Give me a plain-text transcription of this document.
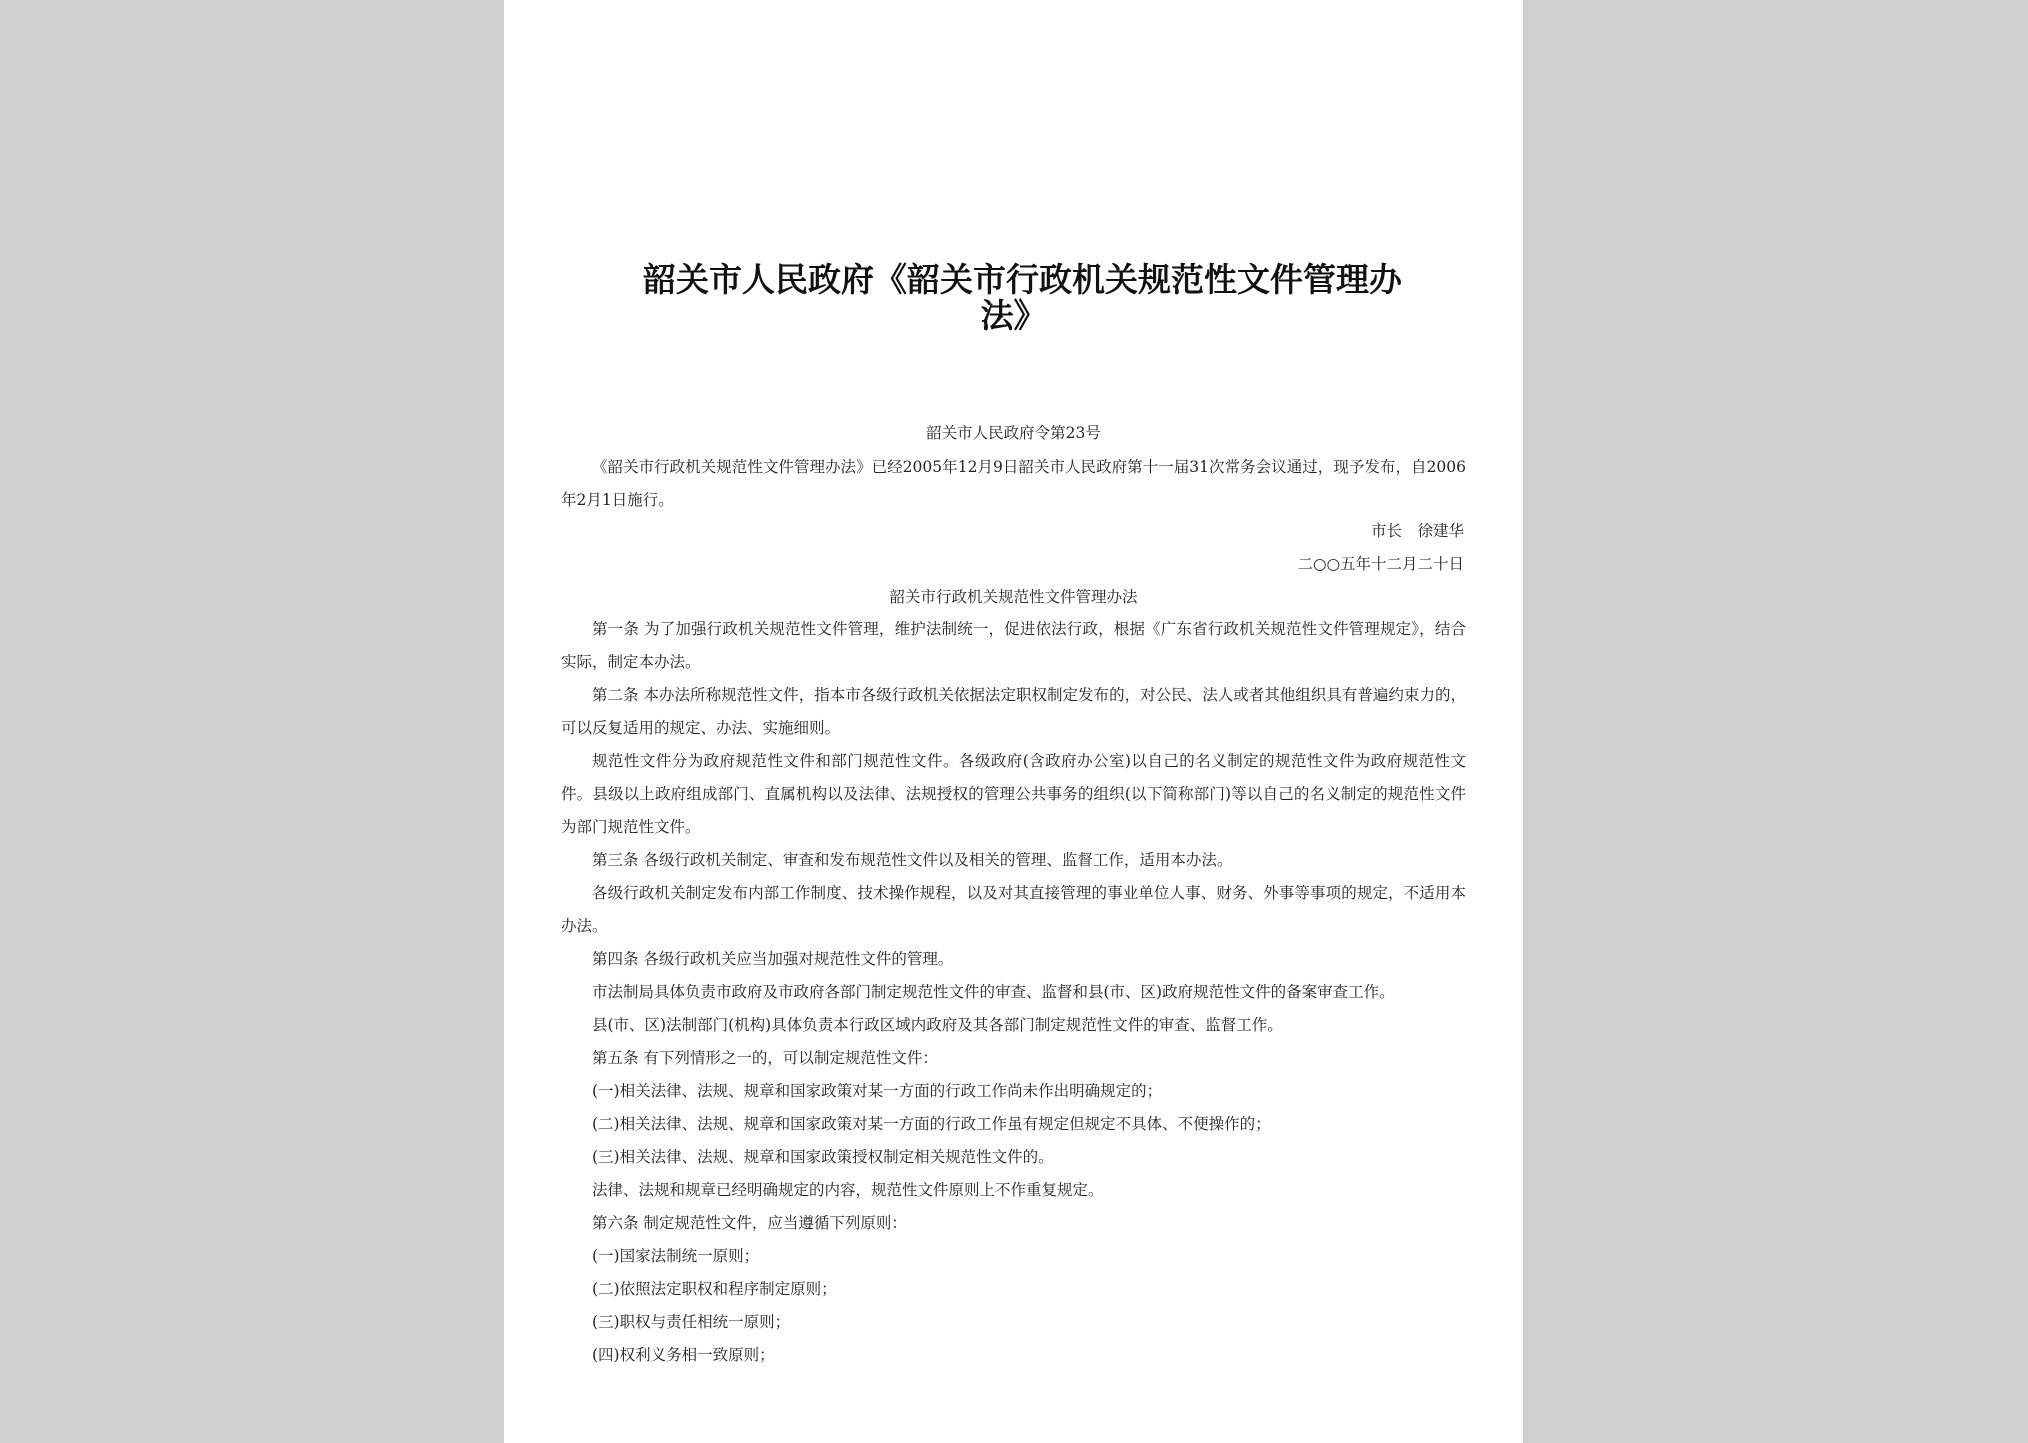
韶关市人民政府《韶关市行政机关规范性文件管理办
法》
韶关市人民政府令第23号

《韶关市行政机关规范性文件管理办法》已经2005年12月9日韶关市人民政府第十一届31次常务会议通过，现予发布，自2006年2月1日施行。

市长　徐建华
二○○五年十二月二十日
韶关市行政机关规范性文件管理办法

第一条 为了加强行政机关规范性文件管理，维护法制统一，促进依法行政，根据《广东省行政机关规范性文件管理规定》，结合实际，制定本办法。

第二条 本办法所称规范性文件，指本市各级行政机关依据法定职权制定发布的，对公民、法人或者其他组织具有普遍约束力的，可以反复适用的规定、办法、实施细则。

规范性文件分为政府规范性文件和部门规范性文件。各级政府(含政府办公室)以自己的名义制定的规范性文件为政府规范性文件。县级以上政府组成部门、直属机构以及法律、法规授权的管理公共事务的组织(以下简称部门)等以自己的名义制定的规范性文件为部门规范性文件。

第三条 各级行政机关制定、审查和发布规范性文件以及相关的管理、监督工作，适用本办法。

各级行政机关制定发布内部工作制度、技术操作规程，以及对其直接管理的事业单位人事、财务、外事等事项的规定，不适用本办法。

第四条 各级行政机关应当加强对规范性文件的管理。

市法制局具体负责市政府及市政府各部门制定规范性文件的审查、监督和县(市、区)政府规范性文件的备案审查工作。

县(市、区)法制部门(机构)具体负责本行政区域内政府及其各部门制定规范性文件的审查、监督工作。

第五条 有下列情形之一的，可以制定规范性文件：

(一)相关法律、法规、规章和国家政策对某一方面的行政工作尚未作出明确规定的；

(二)相关法律、法规、规章和国家政策对某一方面的行政工作虽有规定但规定不具体、不便操作的；

(三)相关法律、法规、规章和国家政策授权制定相关规范性文件的。

法律、法规和规章已经明确规定的内容，规范性文件原则上不作重复规定。

第六条 制定规范性文件，应当遵循下列原则：

(一)国家法制统一原则；

(二)依照法定职权和程序制定原则；

(三)职权与责任相统一原则；

(四)权利义务相一致原则；
